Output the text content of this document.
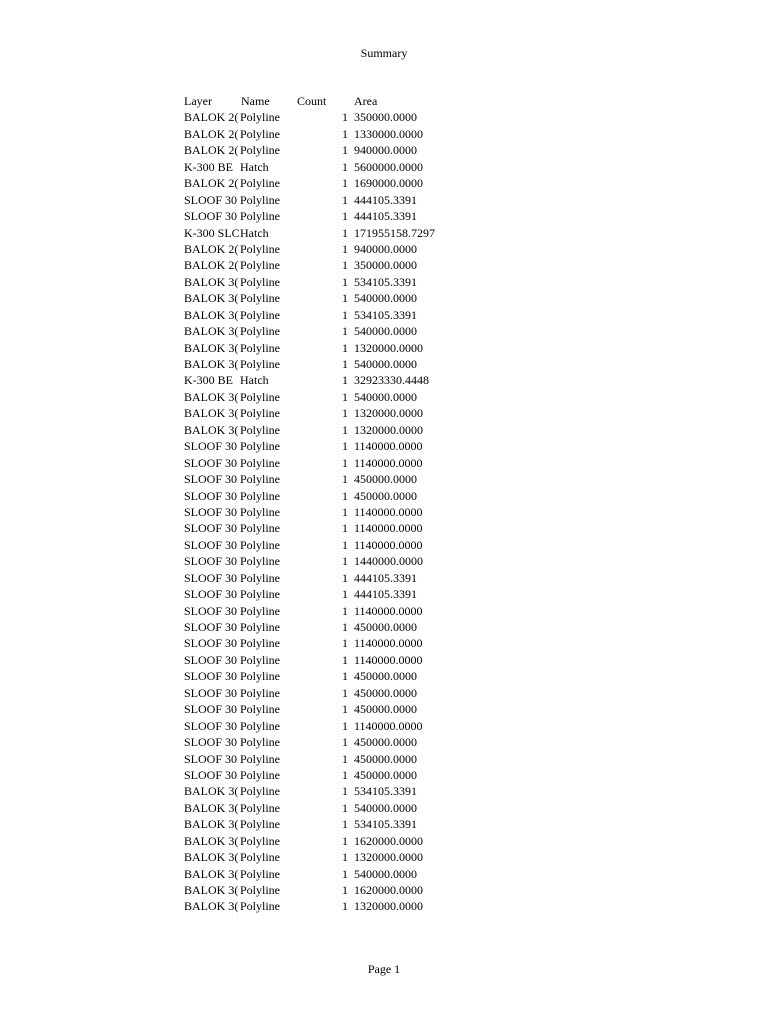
Summary
Layer	Name	Count Area
BALOK 2( Polyline	1 350000.0000
BALOK 2( Polyline	1 1330000.0000
BALOK 2( Polyline	1 940000.0000
K-300 BE Hatch	1 5600000.0000
BALOK 2( Polyline	1 1690000.0000
SLOOF 30 Polyline	1 444105.3391
SLOOF 30 Polyline	1 444105.3391
K-300 SLC Hatch	1 171955158.7297
BALOK 2( Polyline	1 940000.0000
BALOK 2( Polyline	1 350000.0000
BALOK 3( Polyline	1 534105.3391
BALOK 3( Polyline	1 540000.0000
BALOK 3( Polyline	1 534105.3391
BALOK 3( Polyline	1 540000.0000
BALOK 3( Polyline	1 1320000.0000
BALOK 3( Polyline	1 540000.0000
K-300 BE Hatch	1 32923330.4448
BALOK 3( Polyline	1 540000.0000
BALOK 3( Polyline	1 1320000.0000
BALOK 3( Polyline	1 1320000.0000
SLOOF 30 Polyline	1 1140000.0000
SLOOF 30 Polyline	1 1140000.0000
SLOOF 30 Polyline	1 450000.0000
SLOOF 30 Polyline	1 450000.0000
SLOOF 30 Polyline	1 1140000.0000
SLOOF 30 Polyline	1 1140000.0000
SLOOF 30 Polyline	1 1140000.0000
SLOOF 30 Polyline	1 1440000.0000
SLOOF 30 Polyline	1 444105.3391
SLOOF 30 Polyline	1 444105.3391
SLOOF 30 Polyline	1 1140000.0000
SLOOF 30 Polyline	1 450000.0000
SLOOF 30 Polyline	1 1140000.0000
SLOOF 30 Polyline	1 1140000.0000
SLOOF 30 Polyline	1 450000.0000
SLOOF 30 Polyline	1 450000.0000
SLOOF 30 Polyline	1 450000.0000
SLOOF 30 Polyline	1 1140000.0000
SLOOF 30 Polyline	1 450000.0000
SLOOF 30 Polyline	1 450000.0000
SLOOF 30 Polyline	1 450000.0000
BALOK 3( Polyline	1 534105.3391
BALOK 3( Polyline	1 540000.0000
BALOK 3( Polyline	1 534105.3391
BALOK 3( Polyline	1 1620000.0000
BALOK 3( Polyline	1 1320000.0000
BALOK 3( Polyline	1 540000.0000
BALOK 3( Polyline	1 1620000.0000
BALOK 3( Polyline	1 1320000.0000
Page 1
